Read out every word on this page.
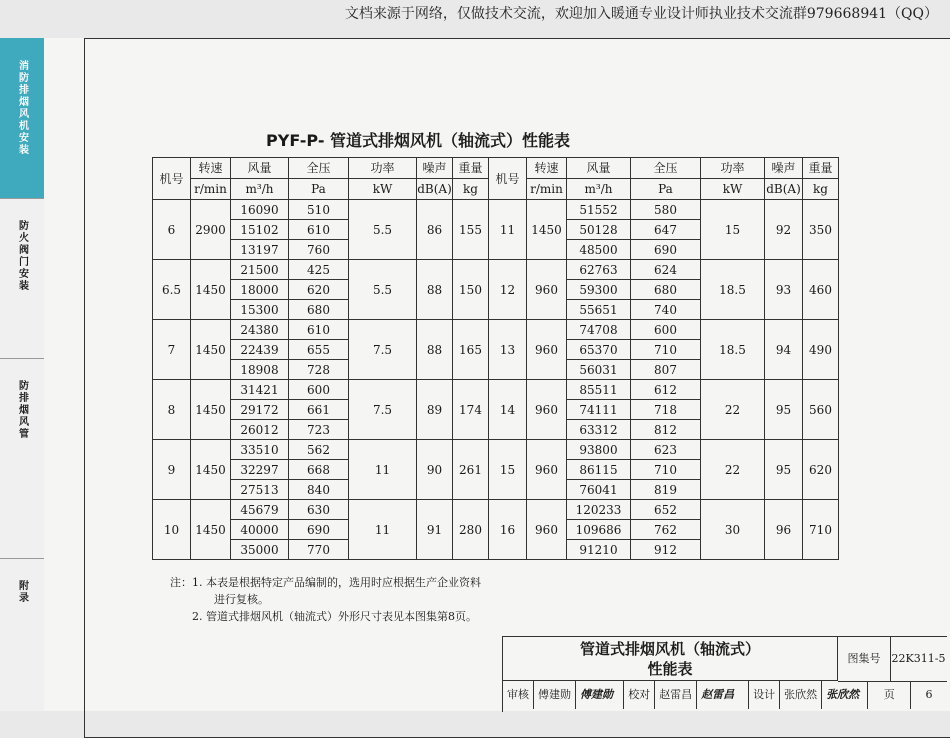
文档来源于网络，仅做技术交流，欢迎加入暖通专业设计师执业技术交流群979668941（QQ）
消防排烟风机安装
防火阀门安装
防排烟风管
附录
PYF-P- 管道式排烟风机（轴流式）性能表
机号	转速	风量	全压	功率	噪声	重量	机号	转速	风量	全压	功率	噪声	重量
	r/min	m³/h	Pa	kW	dB(A)	kg		r/min	m³/h	Pa	kW	dB(A)	kg
6	2900	16090	510	5.5	86	155	11	1450	51552	580	15	92	350
		15102	610						50128	647			
		13197	760						48500	690			
6.5	1450	21500	425	5.5	88	150	12	960	62763	624	18.5	93	460
		18000	620						59300	680			
		15300	680						55651	740			
7	1450	24380	610	7.5	88	165	13	960	74708	600	18.5	94	490
		22439	655						65370	710			
		18908	728						56031	807			
8	1450	31421	600	7.5	89	174	14	960	85511	612	22	95	560
		29172	661						74111	718			
		26012	723						63312	812			
9	1450	33510	562	11	90	261	15	960	93800	623	22	95	620
		32297	668						86115	710			
		27513	840						76041	819			
10	1450	45679	630	11	91	280	16	960	120233	652	30	96	710
		40000	690						109686	762			
		35000	770						91210	912			
注：1. 本表是根据特定产品编制的，选用时应根据生产企业资料
进行复核。
2. 管道式排烟风机（轴流式）外形尺寸表见本图集第8页。
管道式排烟风机（轴流式）
性能表
图集号	22K311-5
审核 傅建勋 傅建勋	校对 赵雷昌 赵雷昌	设计 张欣然 张欣然	页	6
